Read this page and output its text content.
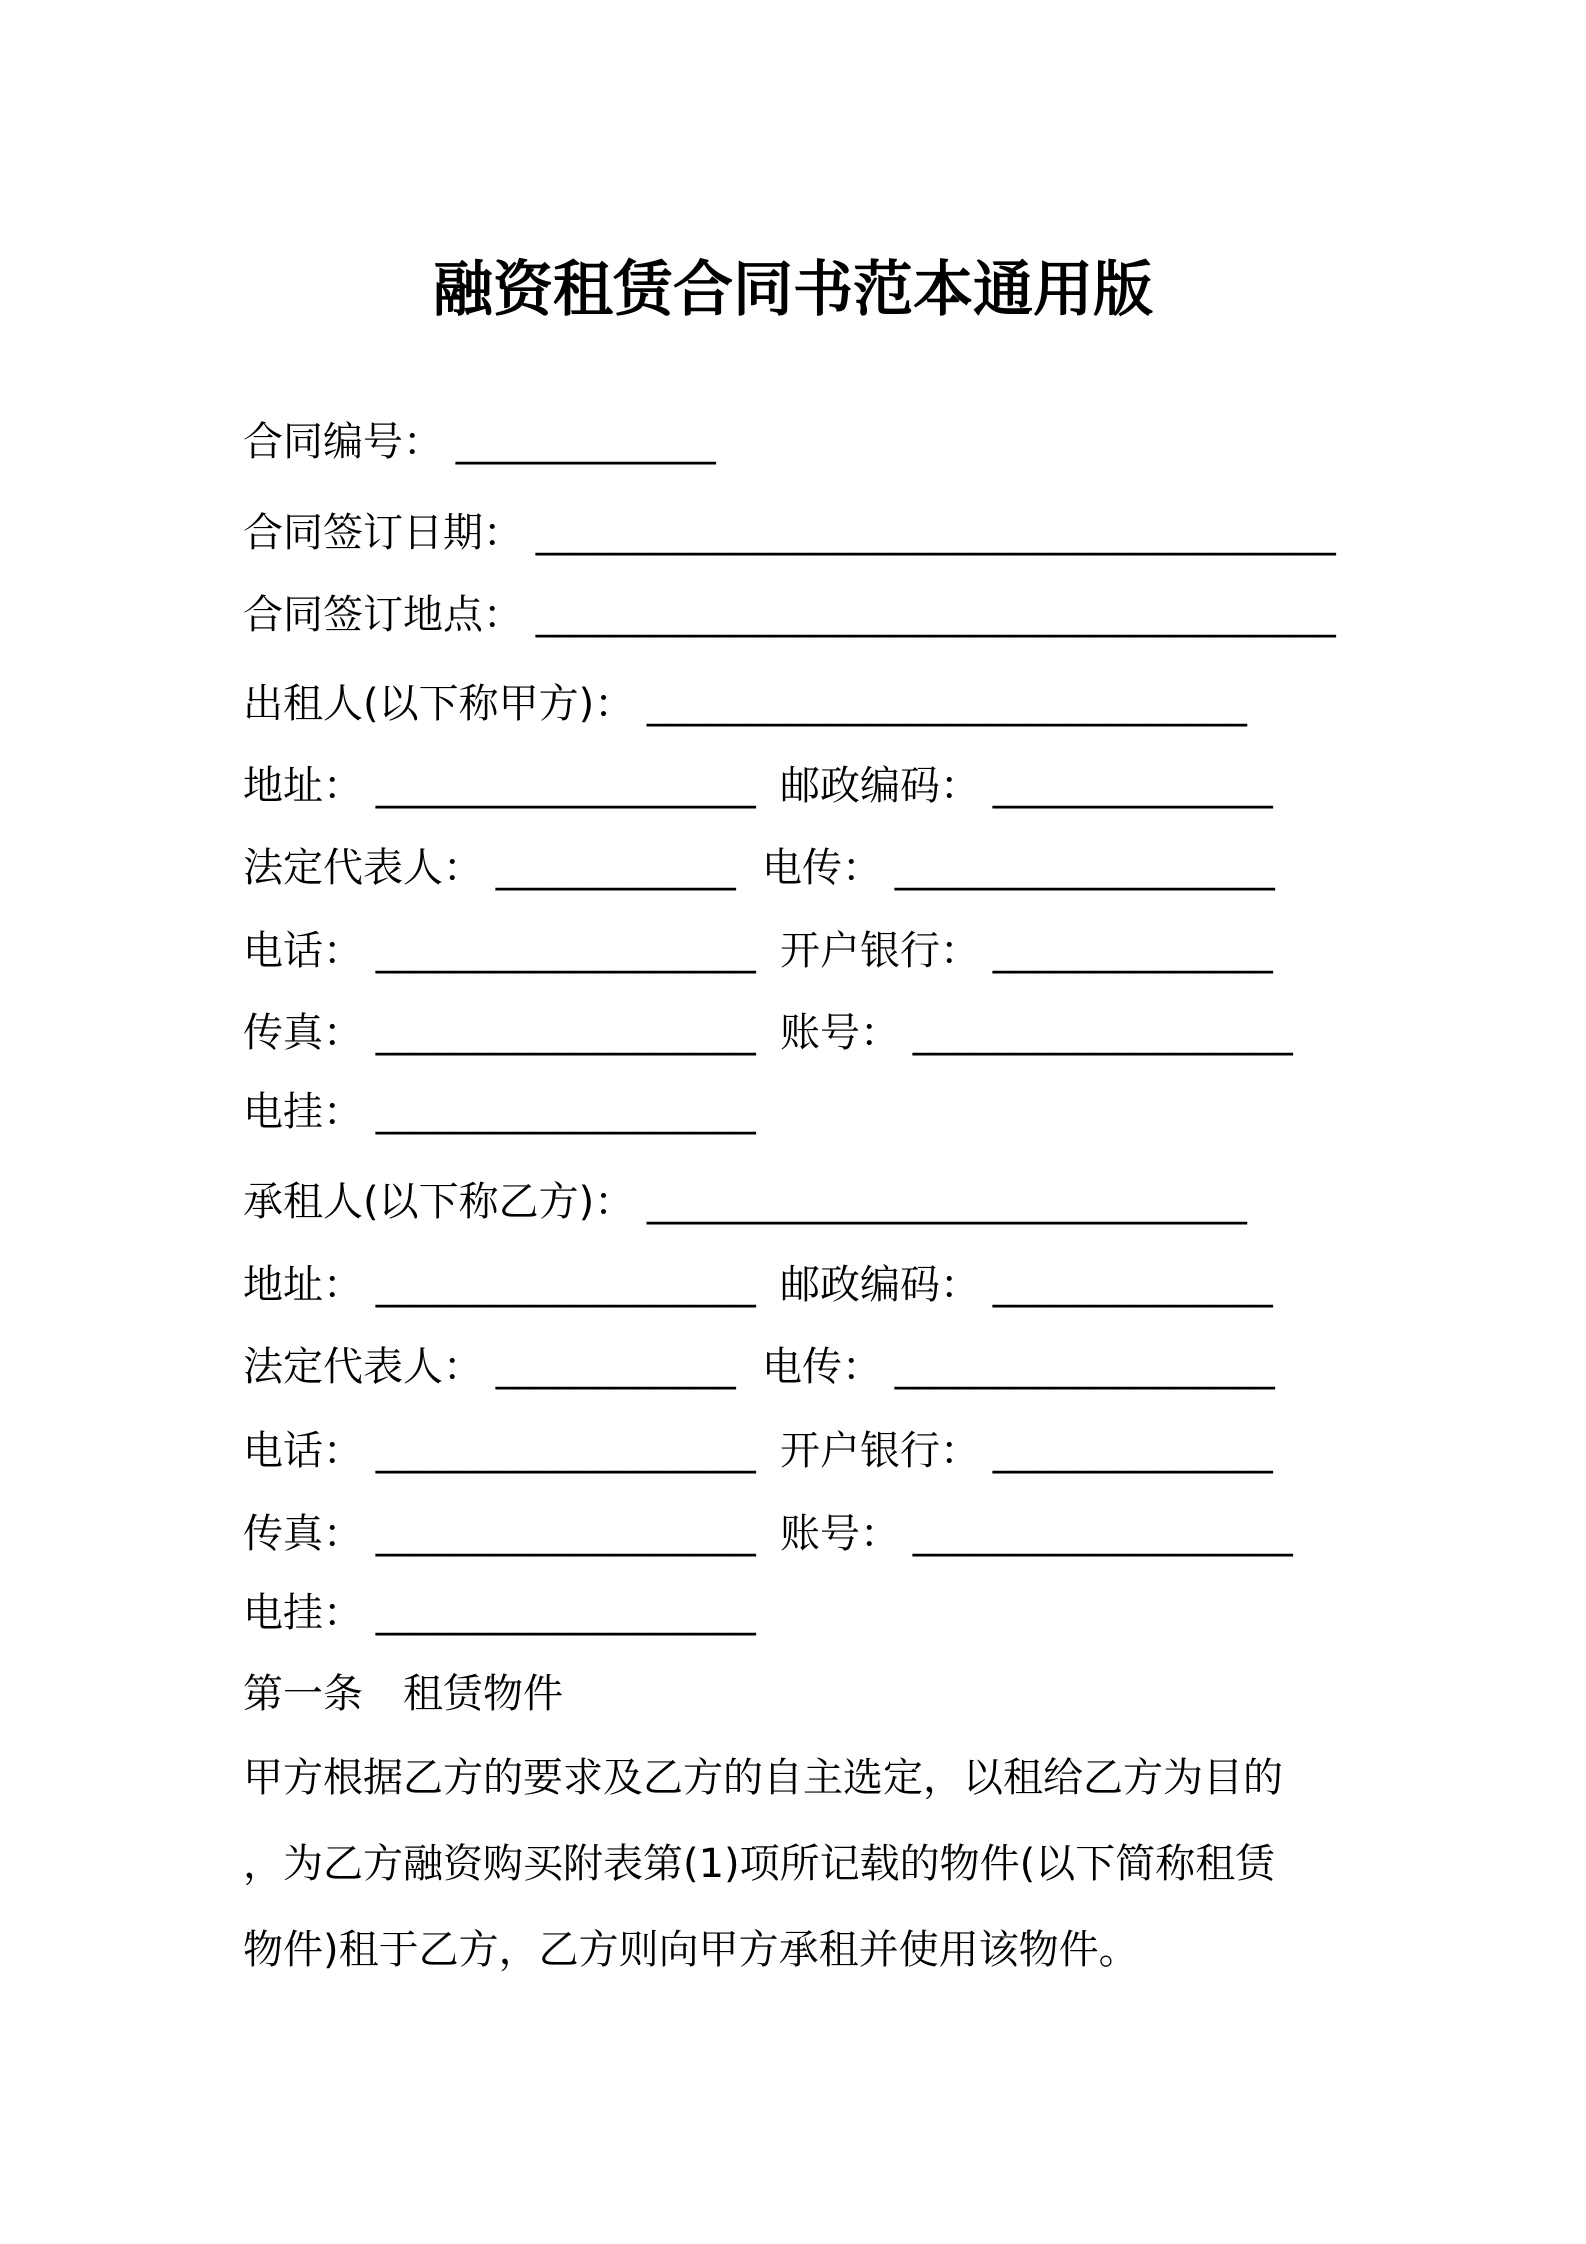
融资租赁合同书范本通用版
合同编号： _____________
合同签订日期： ________________________________________
合同签订地点： ________________________________________
出租人(以下称甲方)： ______________________________
地址： ___________________ 邮政编码： ______________
法定代表人： ____________ 电传： ___________________
电话： ___________________ 开户银行： ______________
传真： ___________________ 账号： ___________________
电挂： ___________________
承租人(以下称乙方)： ______________________________
地址： ___________________ 邮政编码： ______________
法定代表人： ____________ 电传： ___________________
电话： ___________________ 开户银行： ______________
传真： ___________________ 账号： ___________________
电挂： ___________________
第一条　租赁物件
甲方根据乙方的要求及乙方的自主选定，以租给乙方为目的
，为乙方融资购买附表第(1)项所记载的物件(以下简称租赁
物件)租于乙方，乙方则向甲方承租并使用该物件。
